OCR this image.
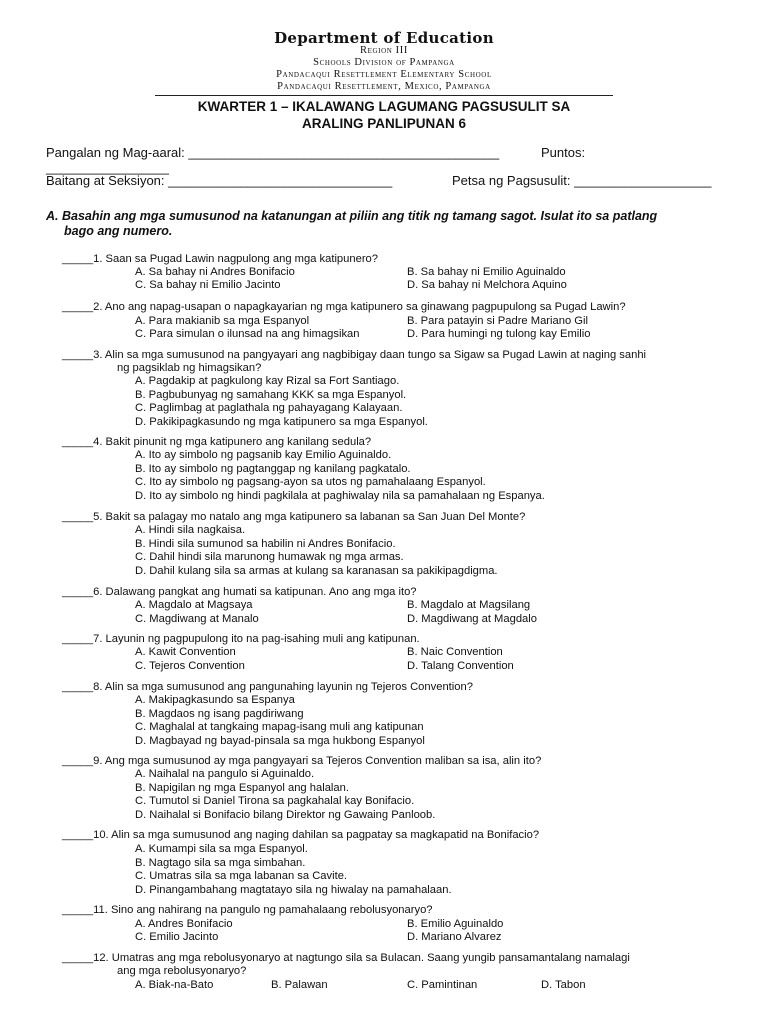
Department of Education
Region III
Schools Division of Pampanga
Pandacaqui Resettlement Elementary School
Pandacaqui Resettlement, Mexico, Pampanga
KWARTER 1 – IKALAWANG LAGUMANG PAGSUSULIT SA
ARALING PANLIPUNAN 6
Pangalan ng Mag-aaral: ___________________________________________	Puntos:
_________________
Baitang at Seksiyon: _______________________________	Petsa ng Pagsusulit: ___________________
A. Basahin ang mga sumusunod na katanungan at piliin ang titik ng tamang sagot. Isulat ito sa patlang
bago ang numero.
_____1. Saan sa Pugad Lawin nagpulong ang mga katipunero?
A. Sa bahay ni Andres Bonifacio	B. Sa bahay ni Emilio Aguinaldo
C. Sa bahay ni Emilio Jacinto	D. Sa bahay ni Melchora Aquino
_____2. Ano ang napag-usapan o napagkayarian ng mga katipunero sa ginawang pagpupulong sa Pugad Lawin?
A. Para makianib sa mga Espanyol	B. Para patayin si Padre Mariano Gil
C. Para simulan o ilunsad na ang himagsikan	D. Para humingi ng tulong kay Emilio
_____3. Alin sa mga sumusunod na pangyayari ang nagbibigay daan tungo sa Sigaw sa Pugad Lawin at naging sanhi
ng pagsiklab ng himagsikan?
A. Pagdakip at pagkulong kay Rizal sa Fort Santiago.
B. Pagbubunyag ng samahang KKK sa mga Espanyol.
C. Paglimbag at paglathala ng pahayagang Kalayaan.
D. Pakikipagkasundo ng mga katipunero sa mga Espanyol.
_____4. Bakit pinunit ng mga katipunero ang kanilang sedula?
A. Ito ay simbolo ng pagsanib kay Emilio Aguinaldo.
B. Ito ay simbolo ng pagtanggap ng kanilang pagkatalo.
C. Ito ay simbolo ng pagsang-ayon sa utos ng pamahalaang Espanyol.
D. Ito ay simbolo ng hindi pagkilala at paghiwalay nila sa pamahalaan ng Espanya.
_____5. Bakit sa palagay mo natalo ang mga katipunero sa labanan sa San Juan Del Monte?
A. Hindi sila nagkaisa.
B. Hindi sila sumunod sa habilin ni Andres Bonifacio.
C. Dahil hindi sila marunong humawak ng mga armas.
D. Dahil kulang sila sa armas at kulang sa karanasan sa pakikipagdigma.
_____6. Dalawang pangkat ang humati sa katipunan. Ano ang mga ito?
A. Magdalo at Magsaya	B. Magdalo at Magsilang
C. Magdiwang at Manalo	D. Magdiwang at Magdalo
_____7. Layunin ng pagpupulong ito na pag-isahing muli ang katipunan.
A. Kawit Convention	B. Naic Convention
C. Tejeros Convention	D. Talang Convention
_____8. Alin sa mga sumusunod ang pangunahing layunin ng Tejeros Convention?
A. Makipagkasundo sa Espanya
B. Magdaos ng isang pagdiriwang
C. Maghalal at tangkaing mapag-isang muli ang katipunan
D. Magbayad ng bayad-pinsala sa mga hukbong Espanyol
_____9. Ang mga sumusunod ay mga pangyayari sa Tejeros Convention maliban sa isa, alin ito?
A. Naihalal na pangulo si Aguinaldo.
B. Napigilan ng mga Espanyol ang halalan.
C. Tumutol si Daniel Tirona sa pagkahalal kay Bonifacio.
D. Naihalal si Bonifacio bilang Direktor ng Gawaing Panloob.
_____10. Alin sa mga sumusunod ang naging dahilan sa pagpatay sa magkapatid na Bonifacio?
A. Kumampi sila sa mga Espanyol.
B. Nagtago sila sa mga simbahan.
C. Umatras sila sa mga labanan sa Cavite.
D. Pinangambahang magtatayo sila ng hiwalay na pamahalaan.
_____11. Sino ang nahirang na pangulo ng pamahalaang rebolusyonaryo?
A. Andres Bonifacio	B. Emilio Aguinaldo
C. Emilio Jacinto	D. Mariano Alvarez
_____12. Umatras ang mga rebolusyonaryo at nagtungo sila sa Bulacan. Saang yungib pansamantalang namalagi
ang mga rebolusyonaryo?
A. Biak-na-Bato	B. Palawan	C. Pamintinan	D. Tabon
